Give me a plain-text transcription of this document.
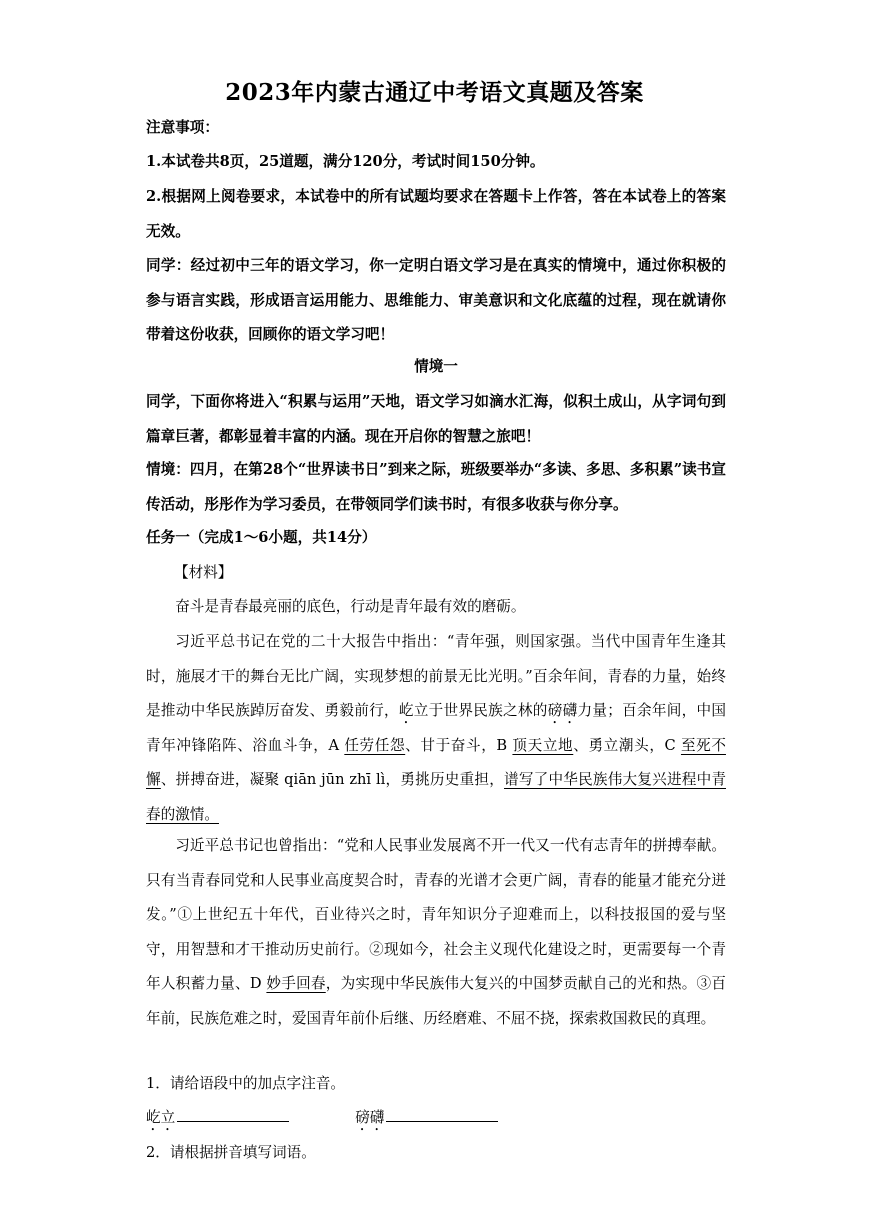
2023年内蒙古通辽中考语文真题及答案
注意事项：
1.本试卷共8页，25道题，满分120分，考试时间150分钟。
2.根据网上阅卷要求，本试卷中的所有试题均要求在答题卡上作答，答在本试卷上的答案无效。
同学：经过初中三年的语文学习，你一定明白语文学习是在真实的情境中，通过你积极的参与语言实践，形成语言运用能力、思维能力、审美意识和文化底蕴的过程，现在就请你带着这份收获，回顾你的语文学习吧！
情境一
同学，下面你将进入“积累与运用”天地，语文学习如滴水汇海，似积土成山，从字词句到篇章巨著，都彰显着丰富的内涵。现在开启你的智慧之旅吧！
情境：四月，在第28个“世界读书日”到来之际，班级要举办“多读、多思、多积累”读书宣传活动，彤彤作为学习委员，在带领同学们读书时，有很多收获与你分享。
任务一（完成1～6小题，共14分）
【材料】
奋斗是青春最亮丽的底色，行动是青年最有效的磨砺。
习近平总书记在党的二十大报告中指出：“青年强，则国家强。当代中国青年生逢其时，施展才干的舞台无比广阔，实现梦想的前景无比光明。”百余年间，青春的力量，始终是推动中华民族踔厉奋发、勇毅前行，屹立于世界民族之林的磅礴力量；百余年间，中国青年冲锋陷阵、浴血斗争，A 任劳任怨、甘于奋斗，B 顶天立地、勇立潮头，C 至死不懈、拼搏奋进，凝聚 qiān jūn zhī lì，勇挑历史重担，谱写了中华民族伟大复兴进程中青春的激情。
习近平总书记也曾指出：“党和人民事业发展离不开一代又一代有志青年的拼搏奉献。只有当青春同党和人民事业高度契合时，青春的光谱才会更广阔，青春的能量才能充分迸发。”①上世纪五十年代，百业待兴之时，青年知识分子迎难而上，以科技报国的爱与坚守，用智慧和才干推动历史前行。②现如今，社会主义现代化建设之时，更需要每一个青年人积蓄力量、D 妙手回春，为实现中华民族伟大复兴的中国梦贡献自己的光和热。③百年前，民族危难之时，爱国青年前仆后继、历经磨难、不屈不挠，探索救国救民的真理。
1．请给语段中的加点字注音。
屹立	磅礴
2．请根据拼音填写词语。
